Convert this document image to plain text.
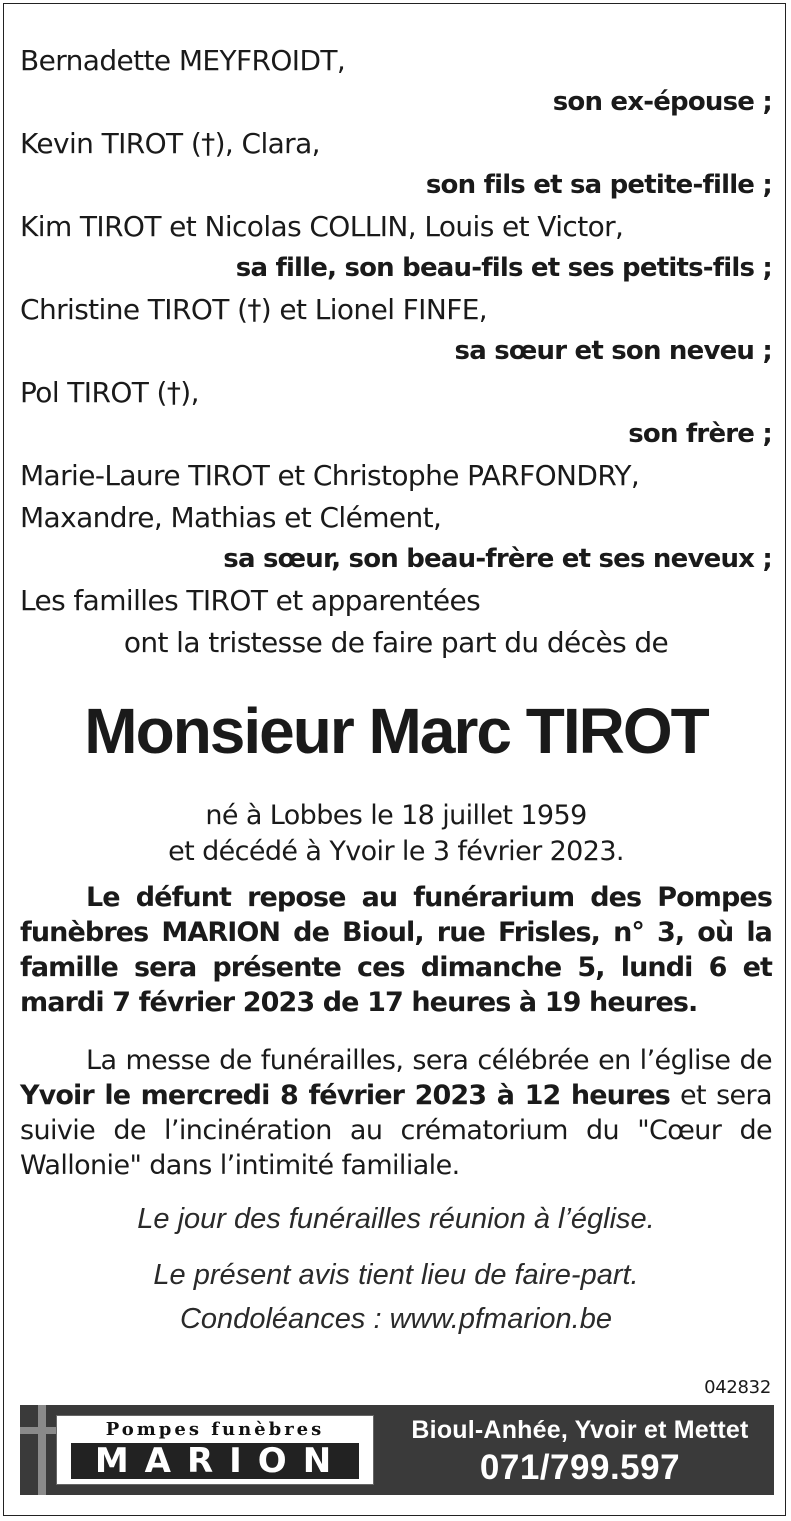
Bernadette MEYFROIDT,

son ex-épouse ;

Kevin TIROT (†), Clara,

son fils et sa petite-fille ;

Kim TIROT et Nicolas COLLIN, Louis et Victor,

sa fille, son beau-fils et ses petits-fils ;

Christine TIROT (†) et Lionel FINFE,

sa sœur et son neveu ;

Pol TIROT (†),

son frère ;

Marie-Laure TIROT et Christophe PARFONDRY,

Maxandre, Mathias et Clément,

sa sœur, son beau-frère et ses neveux ;

Les familles TIROT et apparentées

ont la tristesse de faire part du décès de

Monsieur Marc TIROT

né à Lobbes le 18 juillet 1959

et décédé à Yvoir le 3 février 2023.

Le défunt repose au funérarium des Pompes funèbres MARION de Bioul, rue Frisles, n° 3, où la famille sera présente ces dimanche 5, lundi 6 et mardi 7 février 2023 de 17 heures à 19 heures.

La messe de funérailles, sera célébrée en l’église de Yvoir le mercredi 8 février 2023 à 12 heures et sera suivie de l’incinération au crématorium du "Cœur de Wallonie" dans l’intimité familiale.

Le jour des funérailles réunion à l’église.

Le présent avis tient lieu de faire-part.

Condoléances : www.pfmarion.be

042832
Pompes funèbres
MARION
Bioul-Anhée, Yvoir et Mettet
071/799.597
